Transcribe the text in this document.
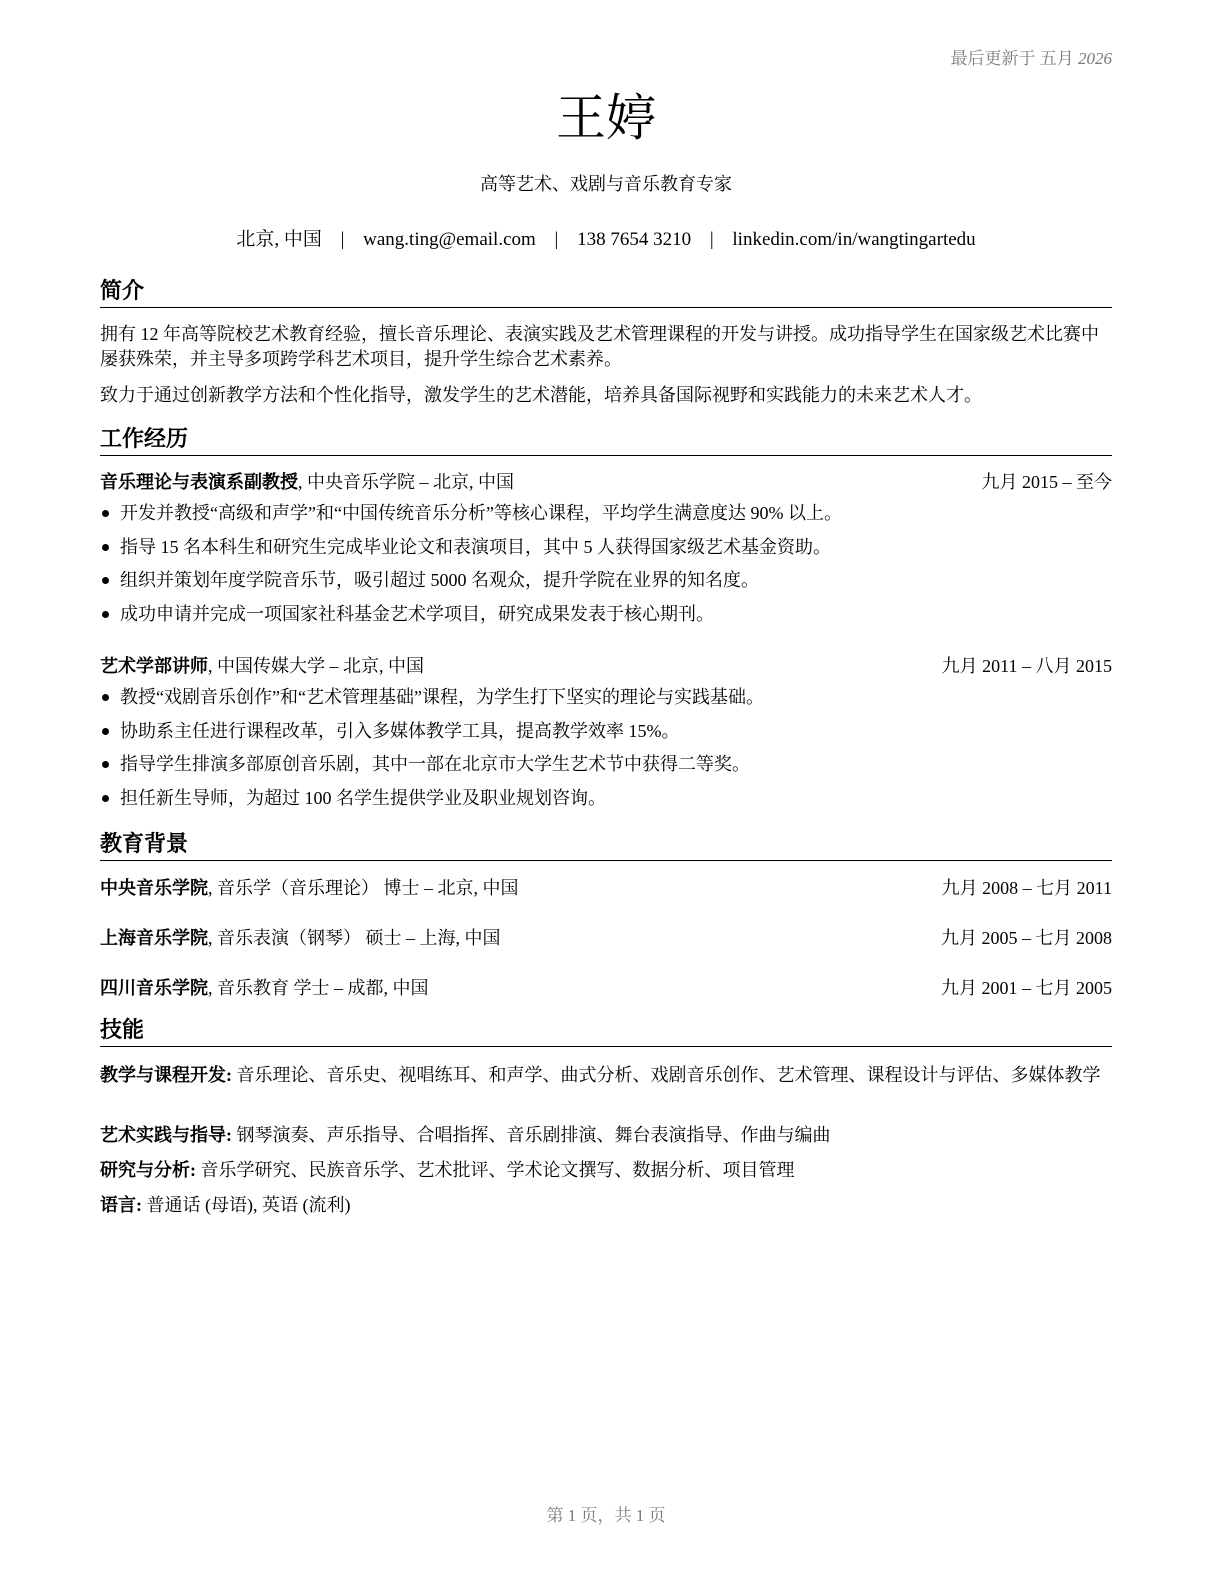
最后更新于 五月 2026
王婷
高等艺术、戏剧与音乐教育专家
北京, 中国 | wang.ting@email.com | 138 7654 3210 | linkedin.com/in/wangtingartedu
简介
拥有 12 年高等院校艺术教育经验，擅长音乐理论、表演实践及艺术管理课程的开发与讲授。成功指导学生在国家级艺术比赛中屡获殊荣，并主导多项跨学科艺术项目，提升学生综合艺术素养。
致力于通过创新教学方法和个性化指导，激发学生的艺术潜能，培养具备国际视野和实践能力的未来艺术人才。
工作经历
音乐理论与表演系副教授, 中央音乐学院 – 北京, 中国	九月 2015 – 至今
开发并教授“高级和声学”和“中国传统音乐分析”等核心课程，平均学生满意度达 90% 以上。
指导 15 名本科生和研究生完成毕业论文和表演项目，其中 5 人获得国家级艺术基金资助。
组织并策划年度学院音乐节，吸引超过 5000 名观众，提升学院在业界的知名度。
成功申请并完成一项国家社科基金艺术学项目，研究成果发表于核心期刊。
艺术学部讲师, 中国传媒大学 – 北京, 中国	九月 2011 – 八月 2015
教授“戏剧音乐创作”和“艺术管理基础”课程，为学生打下坚实的理论与实践基础。
协助系主任进行课程改革，引入多媒体教学工具，提高教学效率 15%。
指导学生排演多部原创音乐剧，其中一部在北京市大学生艺术节中获得二等奖。
担任新生导师，为超过 100 名学生提供学业及职业规划咨询。
教育背景
中央音乐学院, 音乐学（音乐理论） 博士 – 北京, 中国	九月 2008 – 七月 2011
上海音乐学院, 音乐表演（钢琴） 硕士 – 上海, 中国	九月 2005 – 七月 2008
四川音乐学院, 音乐教育 学士 – 成都, 中国	九月 2001 – 七月 2005
技能
教学与课程开发: 音乐理论、音乐史、视唱练耳、和声学、曲式分析、戏剧音乐创作、艺术管理、课程设计与评估、多媒体教学
艺术实践与指导: 钢琴演奏、声乐指导、合唱指挥、音乐剧排演、舞台表演指导、作曲与编曲
研究与分析: 音乐学研究、民族音乐学、艺术批评、学术论文撰写、数据分析、项目管理
语言: 普通话 (母语), 英语 (流利)
第 1 页，共 1 页
